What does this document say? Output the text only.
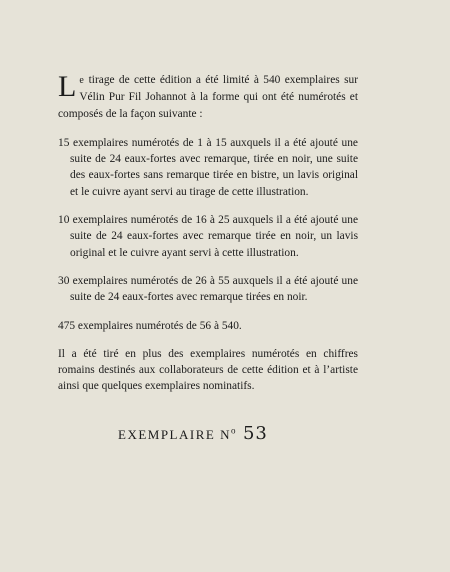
Le tirage de cette édition a été limité à 540 exemplaires sur Vélin Pur Fil Johannot à la forme qui ont été numérotés et composés de la façon suivante :

15 exemplaires numérotés de 1 à 15 auxquels il a été ajouté une suite de 24 eaux-fortes avec remarque, tirée en noir, une suite des eaux-fortes sans remarque tirée en bistre, un lavis original et le cuivre ayant servi au tirage de cette illustration.

10 exemplaires numérotés de 16 à 25 auxquels il a été ajouté une suite de 24 eaux-fortes avec remarque tirée en noir, un lavis original et le cuivre ayant servi à cette illustration.

30 exemplaires numérotés de 26 à 55 auxquels il a été ajouté une suite de 24 eaux-fortes avec remarque tirées en noir.

475 exemplaires numérotés de 56 à 540.

Il a été tiré en plus des exemplaires numérotés en chiffres romains destinés aux collaborateurs de cette édition et à l’artiste ainsi que quelques exemplaires nominatifs.

EXEMPLAIRE $N^o$ 53
